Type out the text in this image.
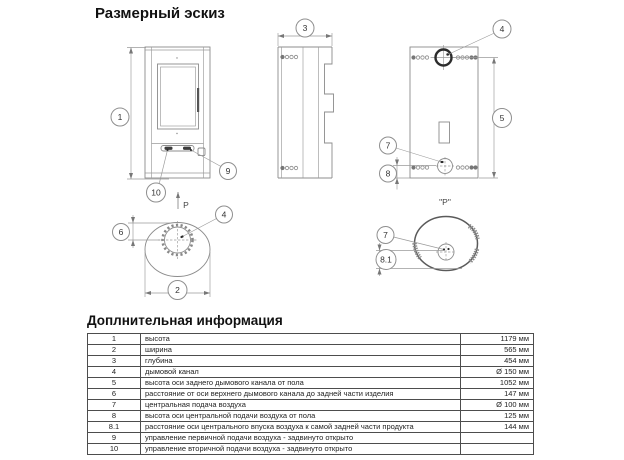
Размерный эскиз
1
9
10
P
3	4
5
7
8
4
6
2
"P"
7
8.1
Доплнительная информация
1	высота	1179 мм
2	ширина	565 мм
3	глубина	454 мм
4	дымовой канал	Ø 150 мм
5	высота оси заднего дымового канала от пола	1052 мм
6	расстояние от оси верхнего дымового канала до задней части изделия	147 мм
7	центральная подача воздуха	Ø 100 мм
8	высота оси центральной подачи воздуха от пола	125 мм
8.1	расстояние оси центрального впуска воздуха к самой задней части продукта	144 мм
9	управление первичной подачи воздуха - задвинуто открыто	
10	управление вторичной подачи воздуха - задвинуто открыто	
